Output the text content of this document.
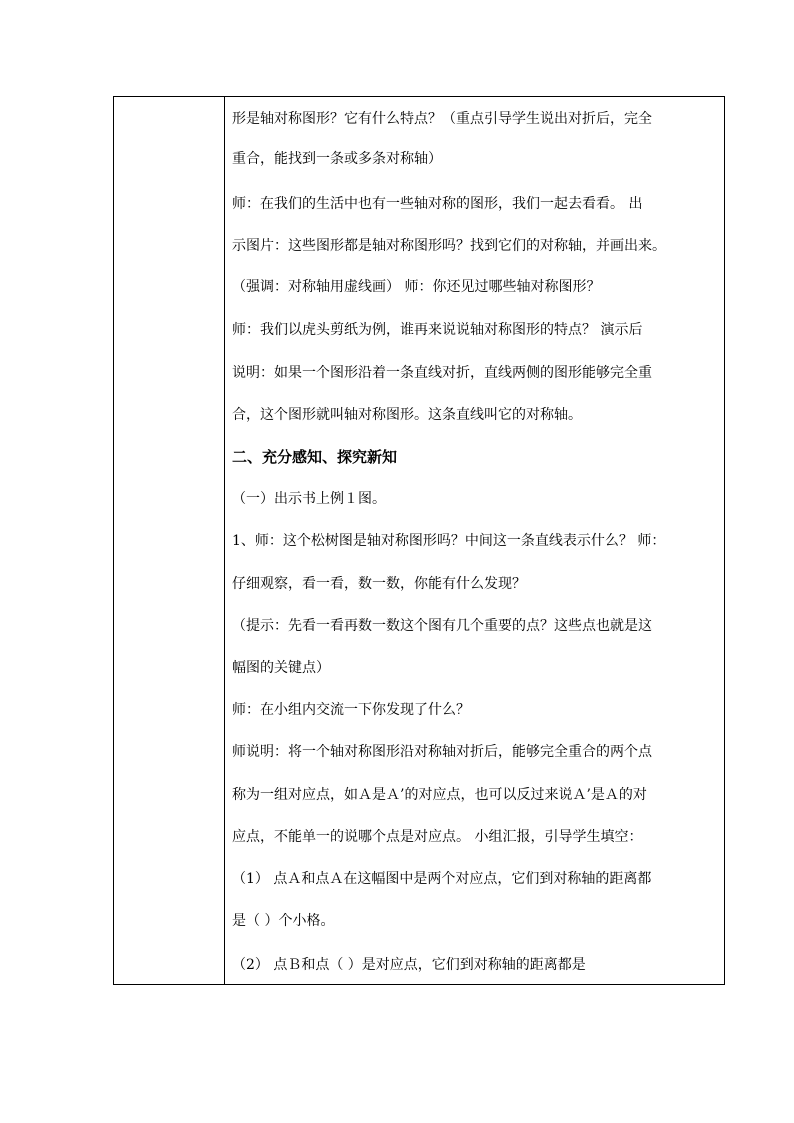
形是轴对称图形？它有什么特点？（重点引导学生说出对折后，完全
重合，能找到一条或多条对称轴）
师：在我们的生活中也有一些轴对称的图形，我们一起去看看。 出
示图片：这些图形都是轴对称图形吗？找到它们的对称轴，并画出来。
（强调：对称轴用虚线画） 师：你还见过哪些轴对称图形？
师：我们以虎头剪纸为例，谁再来说说轴对称图形的特点？ 演示后
说明：如果一个图形沿着一条直线对折，直线两侧的图形能够完全重
合，这个图形就叫轴对称图形。这条直线叫它的对称轴。
二、充分感知、探究新知
（一）出示书上例１图。
1、师：这个松树图是轴对称图形吗？中间这一条直线表示什么？ 师：
仔细观察，看一看，数一数，你能有什么发现？
（提示：先看一看再数一数这个图有几个重要的点？这些点也就是这
幅图的关键点）
师：在小组内交流一下你发现了什么？
师说明：将一个轴对称图形沿对称轴对折后，能够完全重合的两个点
称为一组对应点，如Ａ是Ａ’的对应点，也可以反过来说Ａ’是Ａ的对
应点，不能单一的说哪个点是对应点。 小组汇报，引导学生填空：
（1） 点Ａ和点Ａ在这幅图中是两个对应点，它们到对称轴的距离都
是（ ）个小格。
（2） 点Ｂ和点（ ）是对应点，它们到对称轴的距离都是
